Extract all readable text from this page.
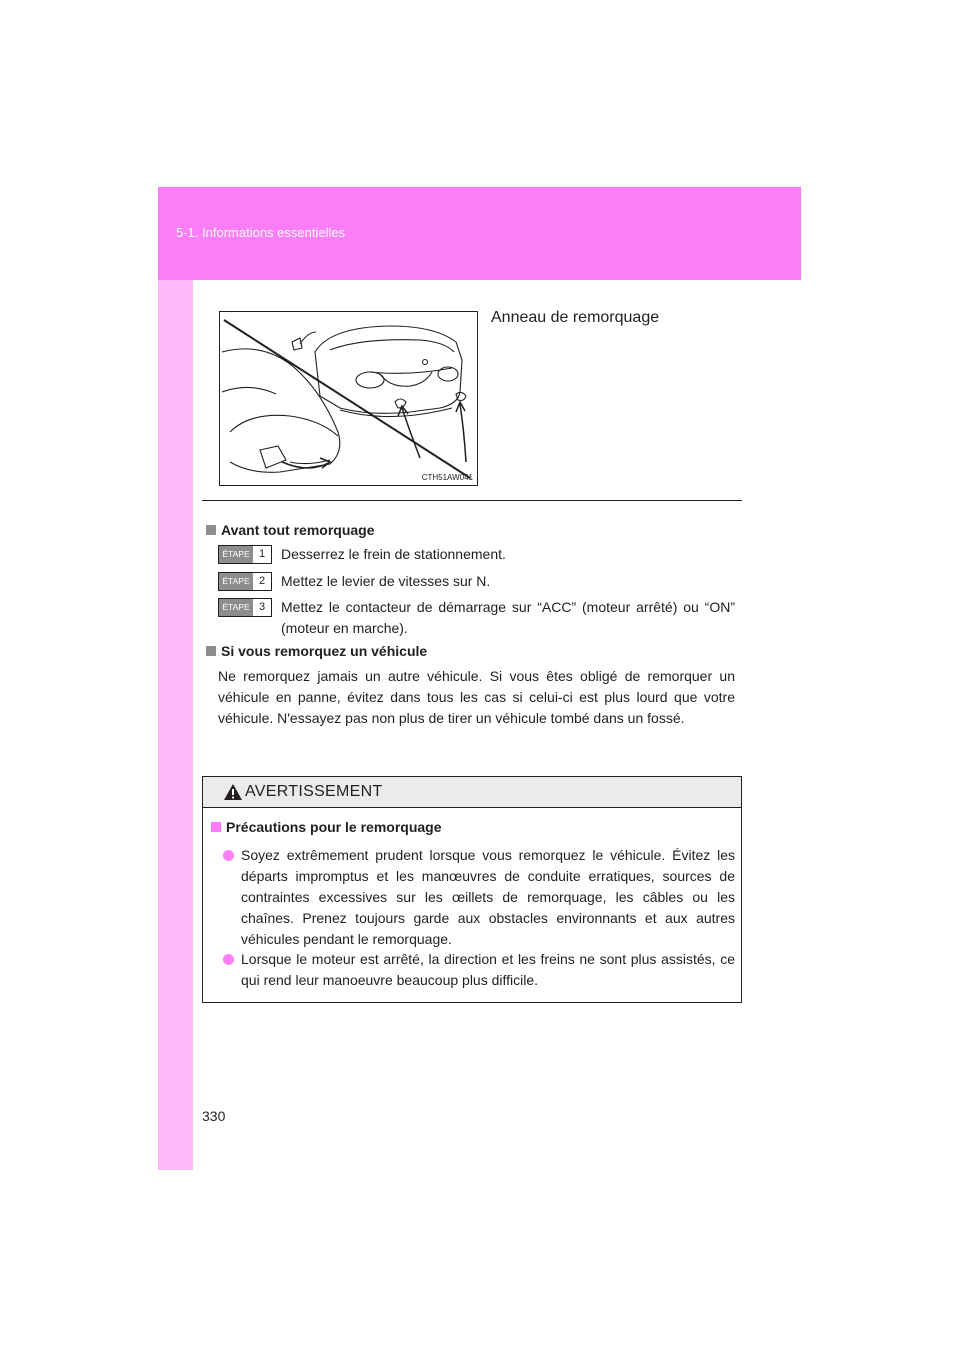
5-1. Informations essentielles
CTH51AW041
Anneau de remorquage
Avant tout remorquage
ÉTAPE 1	Desserrez le frein de stationnement.
ÉTAPE 2	Mettez le levier de vitesses sur N.
ÉTAPE 3	Mettez le contacteur de démarrage sur “ACC” (moteur arrêté) ou “ON” (moteur en marche).
Si vous remorquez un véhicule
Ne remorquez jamais un autre véhicule. Si vous êtes obligé de remorquer un véhicule en panne, évitez dans tous les cas si celui-ci est plus lourd que votre véhicule. N'essayez pas non plus de tirer un véhicule tombé dans un fossé.
AVERTISSEMENT
Précautions pour le remorquage
Soyez extrêmement prudent lorsque vous remorquez le véhicule. Évitez les départs impromptus et les manœuvres de conduite erratiques, sources de contraintes excessives sur les œillets de remorquage, les câbles ou les chaînes. Prenez toujours garde aux obstacles environnants et aux autres véhicules pendant le remorquage.
Lorsque le moteur est arrêté, la direction et les freins ne sont plus assistés, ce qui rend leur manoeuvre beaucoup plus difficile.
330
